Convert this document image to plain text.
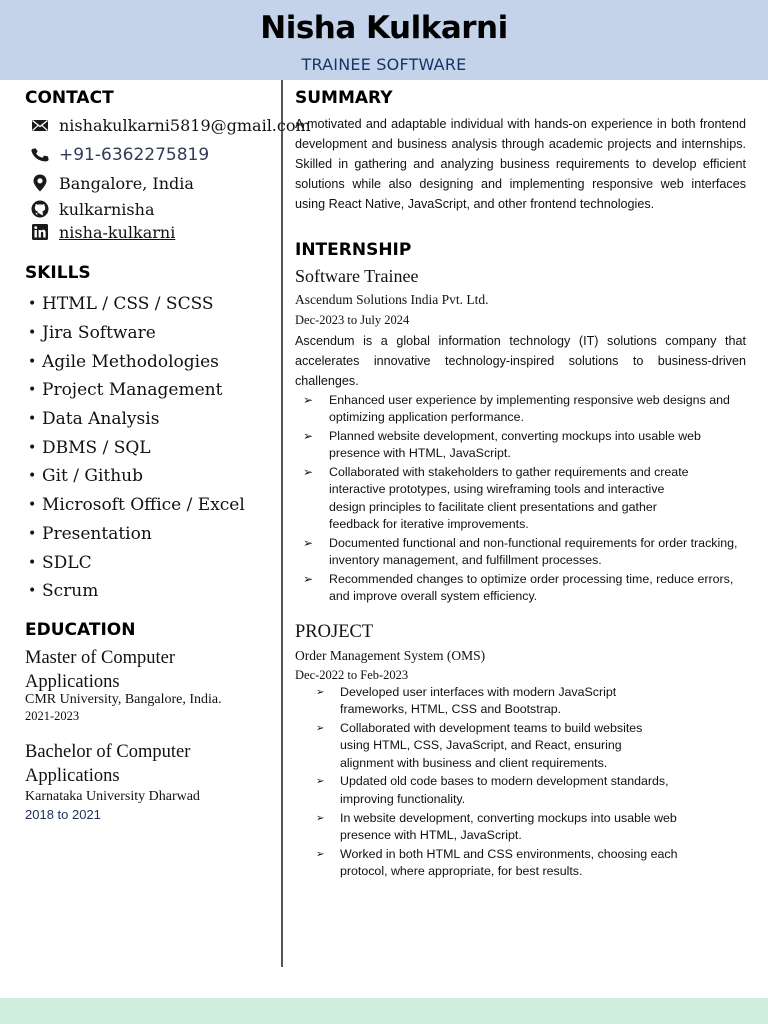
Nisha Kulkarni
TRAINEE SOFTWARE
CONTACT
nishakulkarni5819@gmail.com
+91-6362275819
Bangalore, India
kulkarnisha
nisha-kulkarni
SKILLS
• HTML / CSS / SCSS
• Jira Software
• Agile Methodologies
• Project Management
• Data Analysis
• DBMS / SQL
• Git / Github
• Microsoft Office / Excel
• Presentation
• SDLC
• Scrum
EDUCATION
Master of Computer Applications
CMR University, Bangalore, India.
2021-2023
Bachelor of Computer Applications
Karnataka University Dharwad
2018 to 2021
SUMMARY
A motivated and adaptable individual with hands-on experience in both frontend development and business analysis through academic projects and internships. Skilled in gathering and analyzing business requirements to develop efficient solutions while also designing and implementing responsive web interfaces using React Native, JavaScript, and other frontend technologies.
INTERNSHIP
Software Trainee
Ascendum Solutions India Pvt. Ltd.
Dec-2023 to July 2024
Ascendum is a global information technology (IT) solutions company that accelerates innovative technology-inspired solutions to business-driven challenges.
➢	Enhanced user experience by implementing responsive web designs and optimizing application performance.
➢	Planned website development, converting mockups into usable web presence with HTML, JavaScript.
➢	Collaborated with stakeholders to gather requirements and create interactive prototypes, using wireframing tools and interactive design principles to facilitate client presentations and gather feedback for iterative improvements.
➢	Documented functional and non-functional requirements for order tracking, inventory management, and fulfillment processes.
➢	Recommended changes to optimize order processing time, reduce errors, and improve overall system efficiency.
PROJECT
Order Management System (OMS)
Dec-2022 to Feb-2023
➢	Developed user interfaces with modern JavaScript frameworks, HTML, CSS and Bootstrap.
➢	Collaborated with development teams to build websites using HTML, CSS, JavaScript, and React, ensuring alignment with business and client requirements.
➢	Updated old code bases to modern development standards, improving functionality.
➢	In website development, converting mockups into usable web presence with HTML, JavaScript.
➢	Worked in both HTML and CSS environments, choosing each protocol, where appropriate, for best results.
